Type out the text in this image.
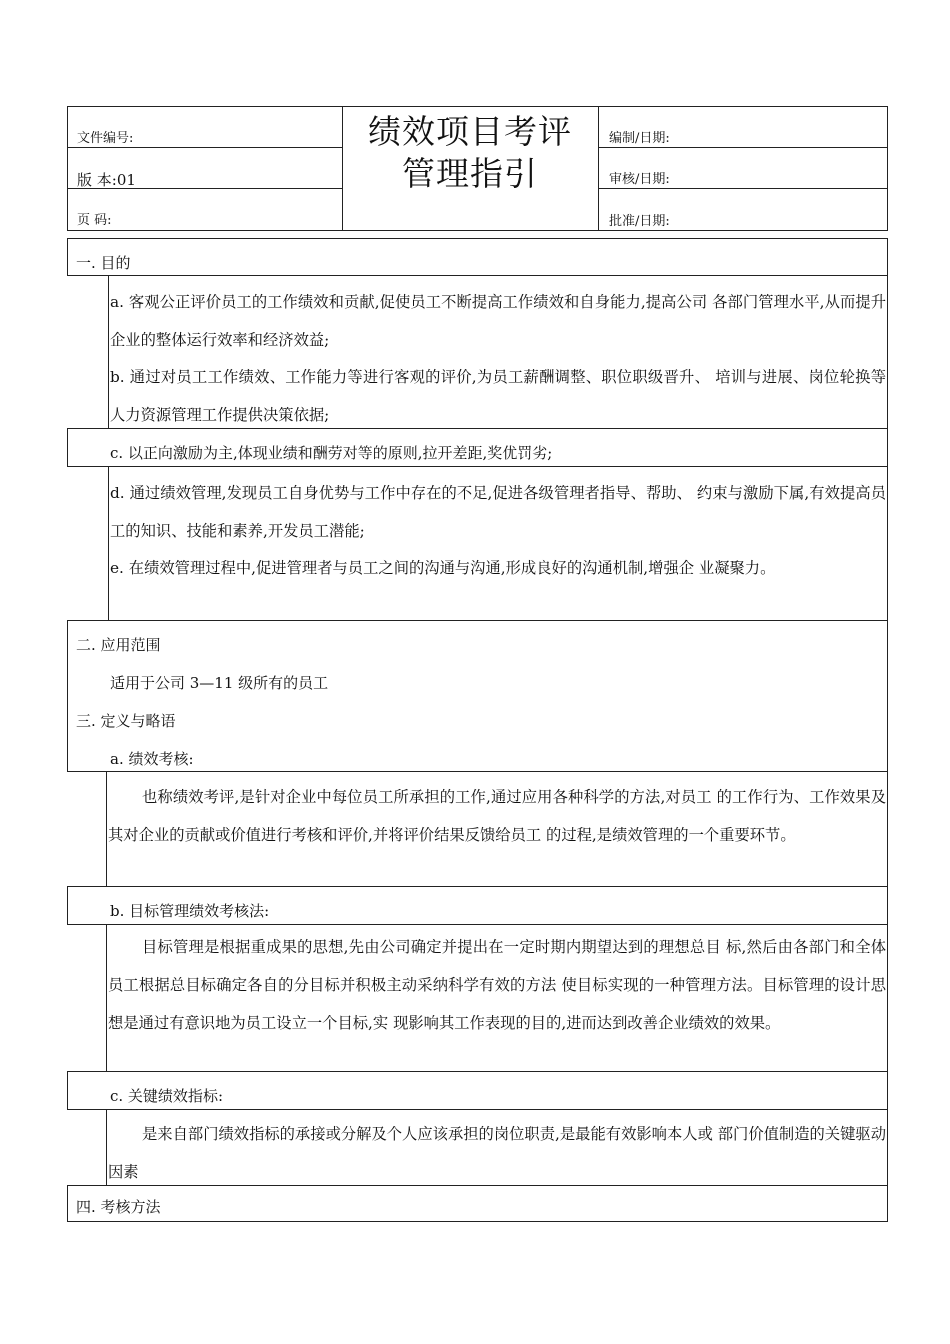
文件编号:
版 本:01
页 码:
绩效项目考评
管理指引
编制/日期:
审核/日期:
批准/日期:
一. 目的
a. 客观公正评价员工的工作绩效和贡献,促使员工不断提高工作绩效和自身能力,提高公司 各部门管理水平,从而提升企业的整体运行效率和经济效益;
b. 通过对员工工作绩效、工作能力等进行客观的评价,为员工薪酬调整、职位职级晋升、 培训与进展、岗位轮换等人力资源管理工作提供决策依据;
c. 以正向激励为主,体现业绩和酬劳对等的原则,拉开差距,奖优罚劣;
d. 通过绩效管理,发现员工自身优势与工作中存在的不足,促进各级管理者指导、帮助、 约束与激励下属,有效提高员工的知识、技能和素养,开发员工潜能;
e. 在绩效管理过程中,促进管理者与员工之间的沟通与沟通,形成良好的沟通机制,增强企 业凝聚力。
二. 应用范围
适用于公司 3—11 级所有的员工
三. 定义与略语
a. 绩效考核:
也称绩效考评,是针对企业中每位员工所承担的工作,通过应用各种科学的方法,对员工 的工作行为、工作效果及其对企业的贡献或价值进行考核和评价,并将评价结果反馈给员工 的过程,是绩效管理的一个重要环节。
b. 目标管理绩效考核法:
目标管理是根据重成果的思想,先由公司确定并提出在一定时期内期望达到的理想总目 标,然后由各部门和全体员工根据总目标确定各自的分目标并积极主动采纳科学有效的方法 使目标实现的一种管理方法。目标管理的设计思想是通过有意识地为员工设立一个目标,实 现影响其工作表现的目的,进而达到改善企业绩效的效果。
c. 关键绩效指标:
是来自部门绩效指标的承接或分解及个人应该承担的岗位职责,是最能有效影响本人或 部门价值制造的关键驱动因素
四. 考核方法
